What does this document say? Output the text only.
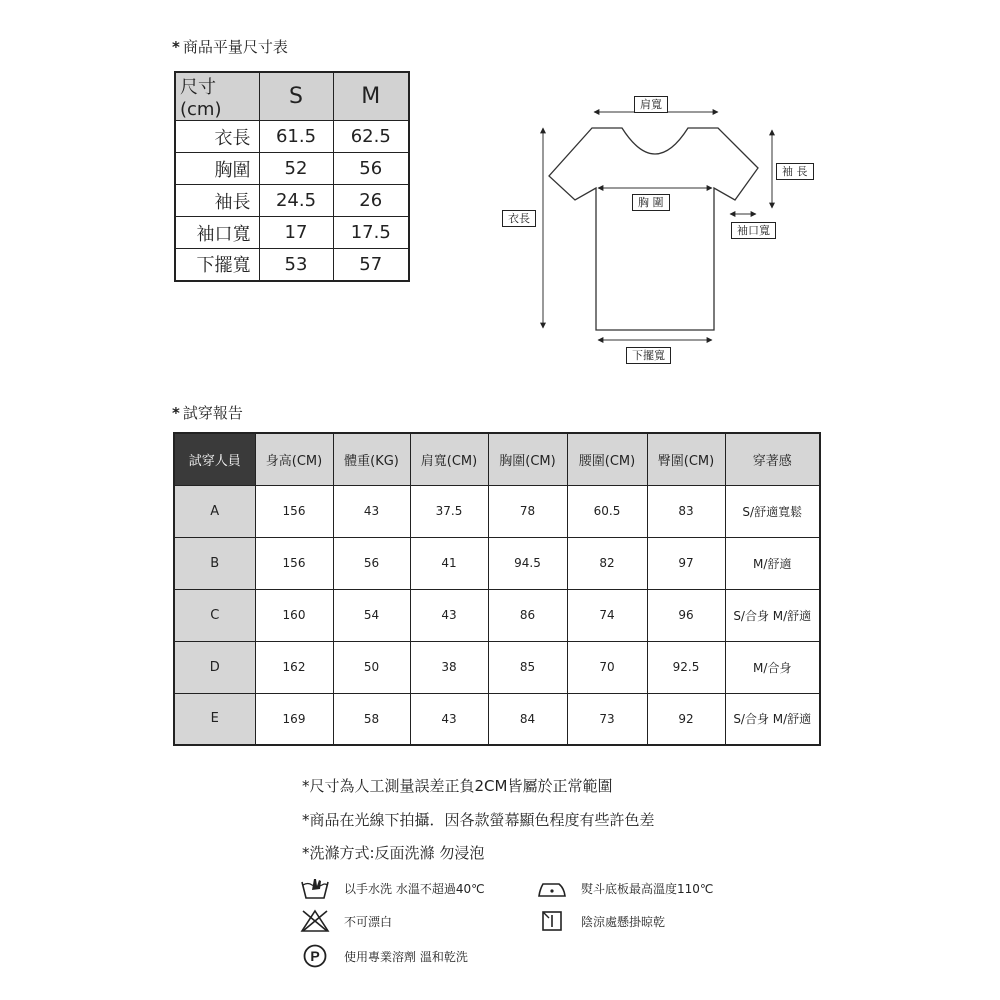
* 商品平量尺寸表
尺寸(cm)	S	M
衣長	61.5	62.5
胸圍	52	56
袖長	24.5	26
袖口寬	17	17.5
下擺寬	53	57
肩寬
胸 圍
衣長
袖 長
袖口寬
下擺寬
* 試穿報告
試穿人員	身高(CM)	體重(KG)	肩寬(CM)	胸圍(CM)	腰圍(CM)	臀圍(CM)	穿著感
A	156	43	37.5	78	60.5	83	S/舒適寬鬆
B	156	56	41	94.5	82	97	M/舒適
C	160	54	43	86	74	96	S/合身 M/舒適
D	162	50	38	85	70	92.5	M/合身
E	169	58	43	84	73	92	S/合身 M/舒適
*尺寸為人工測量誤差正負2CM皆屬於正常範圍
*商品在光線下拍攝．因各款螢幕顯色程度有些許色差
*洗滌方式:反面洗滌 勿浸泡
以手水洗 水溫不超過40℃	熨斗底板最高溫度110℃
不可漂白	陰涼處懸掛晾乾
P 使用專業溶劑 溫和乾洗
